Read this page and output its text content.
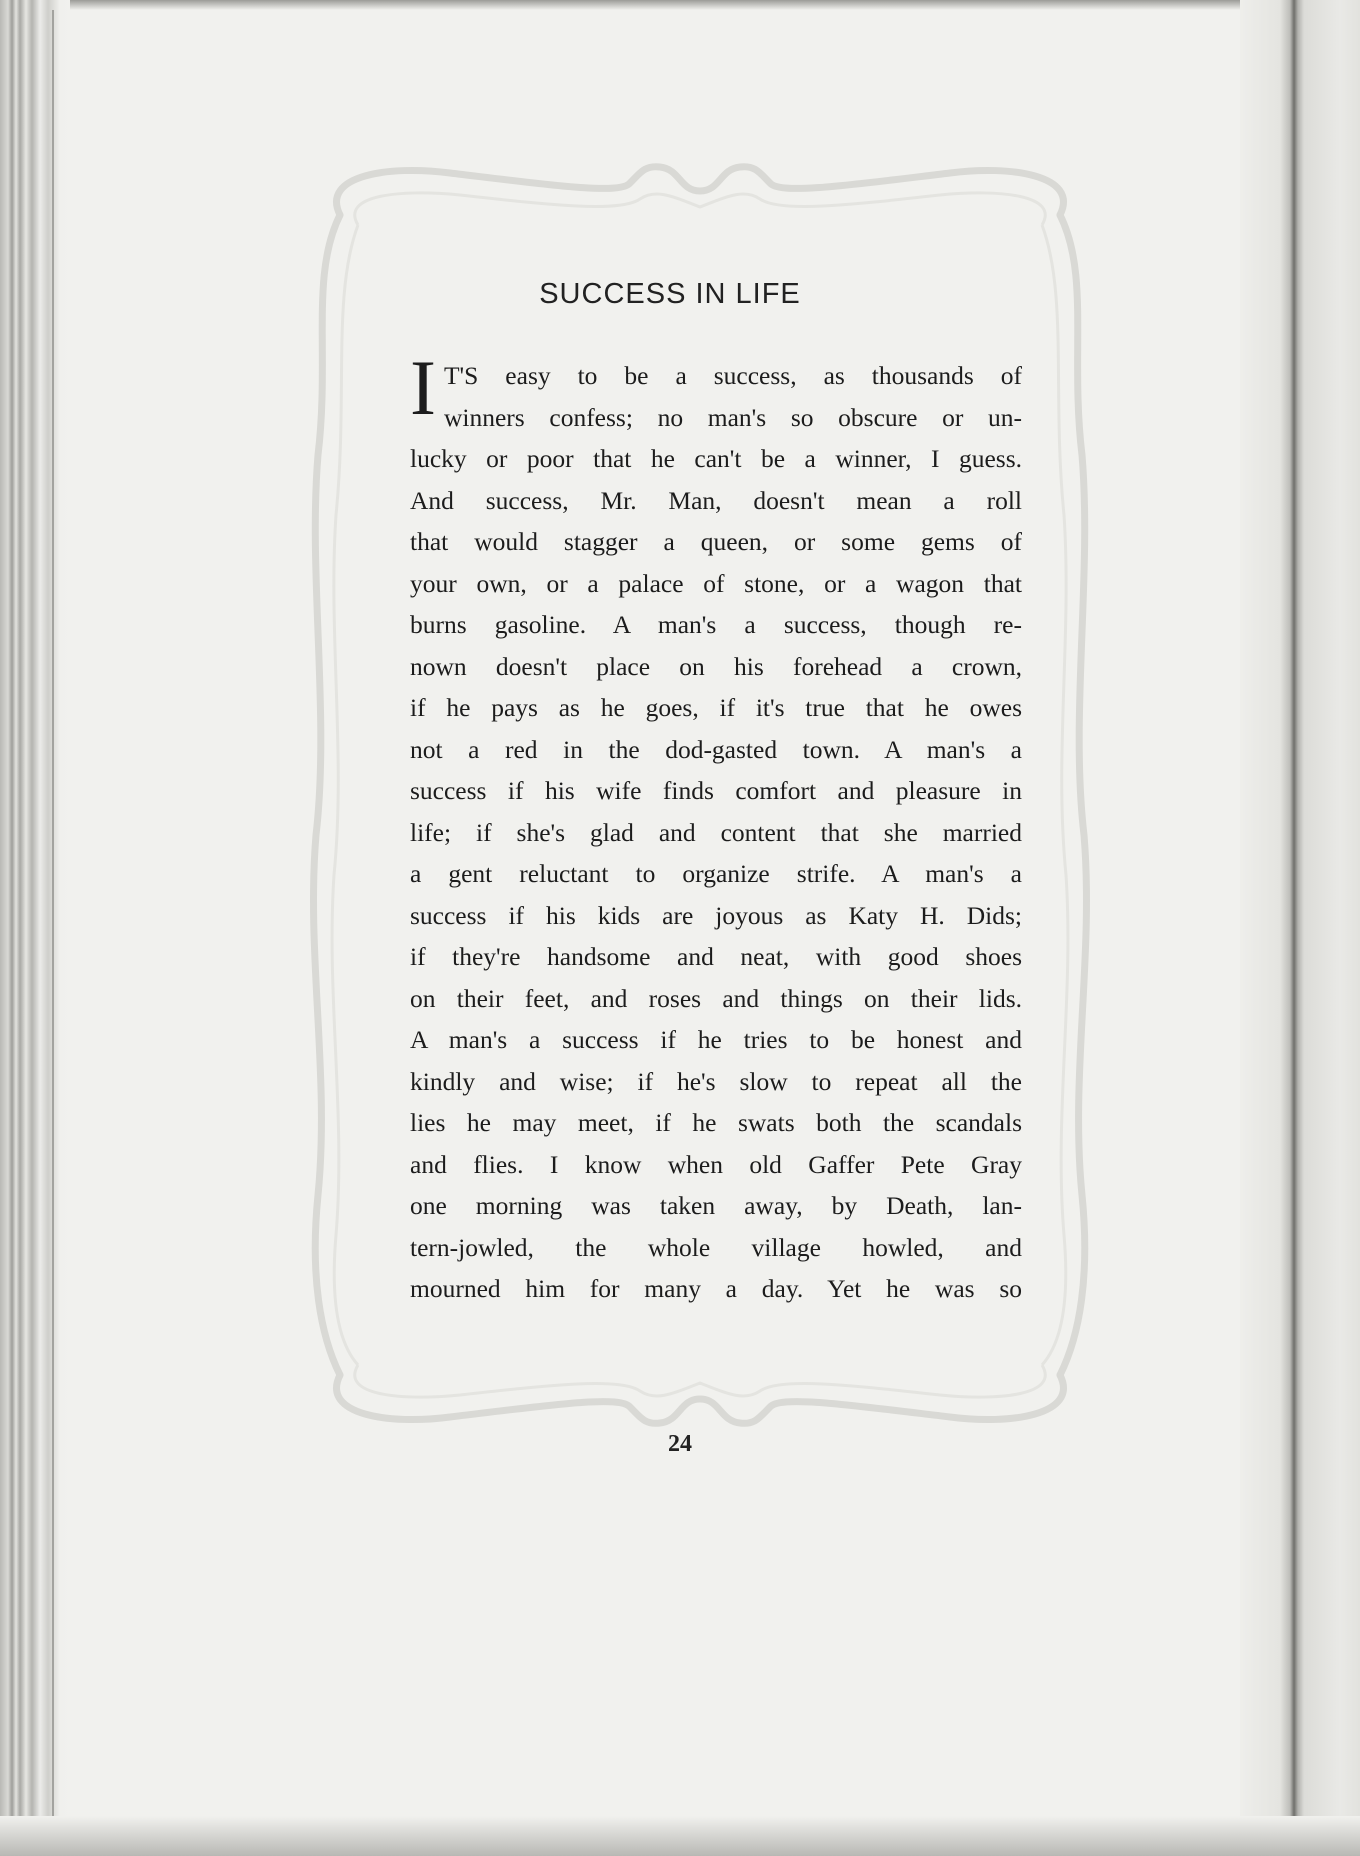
SUCCESS IN LIFE
I T'S easy to be a success, as thousands of
winners confess; no man's so obscure or un-
lucky or poor that he can't be a winner, I guess.
And success, Mr. Man, doesn't mean a roll
that would stagger a queen, or some gems of
your own, or a palace of stone, or a wagon that
burns gasoline. A man's a success, though re-
nown doesn't place on his forehead a crown,
if he pays as he goes, if it's true that he owes
not a red in the dod-gasted town. A man's a
success if his wife finds comfort and pleasure in
life; if she's glad and content that she married
a gent reluctant to organize strife. A man's a
success if his kids are joyous as Katy H. Dids;
if they're handsome and neat, with good shoes
on their feet, and roses and things on their lids.
A man's a success if he tries to be honest and
kindly and wise; if he's slow to repeat all the
lies he may meet, if he swats both the scandals
and flies. I know when old Gaffer Pete Gray
one morning was taken away, by Death, lan-
tern-jowled, the whole village howled, and
mourned him for many a day. Yet he was so
24
